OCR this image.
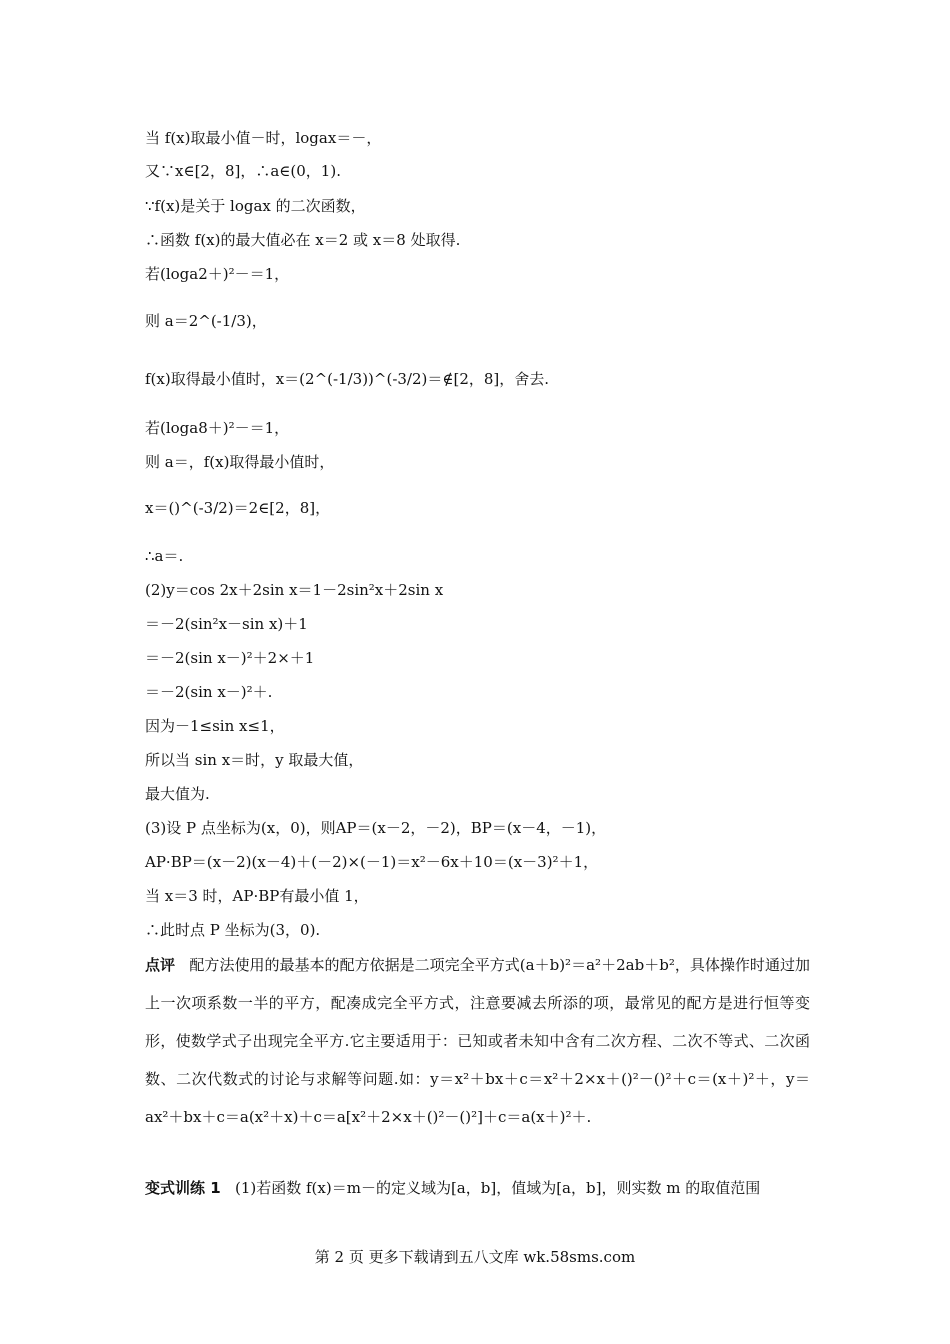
当 f(x)取最小值－时，logax＝－，
又∵x∈[2，8]，∴a∈(0，1).
∵f(x)是关于 logax 的二次函数，
∴函数 f(x)的最大值必在 x＝2 或 x＝8 处取得.
若(loga2＋)²－＝1，
则 a＝2^(-1/3)，
f(x)取得最小值时，x＝(2^(-1/3))^(-3/2)＝∉[2，8]，舍去.
若(loga8＋)²－＝1，
则 a＝，f(x)取得最小值时，
x＝()^(-3/2)＝2∈[2，8]，
∴a＝.
(2)y＝cos 2x＋2sin x＝1－2sin²x＋2sin x
＝－2(sin²x－sin x)＋1
＝－2(sin x－)²＋2×＋1
＝－2(sin x－)²＋.
因为－1≤sin x≤1，
所以当 sin x＝时，y 取最大值，
最大值为.
(3)设 P 点坐标为(x，0)，则AP＝(x－2，－2)，BP＝(x－4，－1)，
AP·BP＝(x－2)(x－4)＋(－2)×(－1)＝x²－6x＋10＝(x－3)²＋1，
当 x＝3 时，AP·BP有最小值 1，
∴此时点 P 坐标为(3，0).
点评 配方法使用的最基本的配方依据是二项完全平方式(a＋b)²＝a²＋2ab＋b²，具体操作时通过加上一次项系数一半的平方，配凑成完全平方式，注意要减去所添的项，最常见的配方是进行恒等变形，使数学式子出现完全平方.它主要适用于：已知或者未知中含有二次方程、二次不等式、二次函数、二次代数式的讨论与求解等问题.如：y＝x²＋bx＋c＝x²＋2×x＋()²－()²＋c＝(x＋)²＋，y＝ax²＋bx＋c＝a(x²＋x)＋c＝a[x²＋2×x＋()²－()²]＋c＝a(x＋)²＋.
变式训练 1 (1)若函数 f(x)＝m－的定义域为[a，b]，值域为[a，b]，则实数 m 的取值范围
第 2 页 更多下载请到五八文库 wk.58sms.com
